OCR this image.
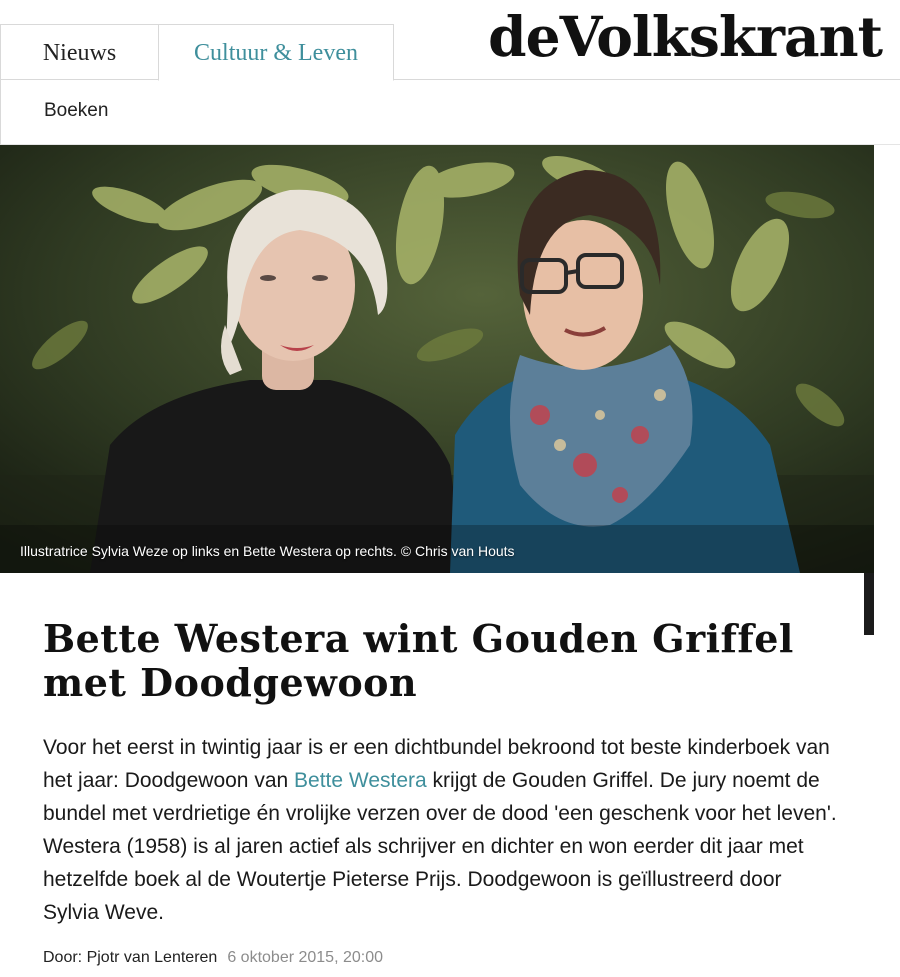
Nieuws	Cultuur & Leven	deVolkskrant
Boeken
Illustratrice Sylvia Weze op links en Bette Westera op rechts. © Chris van Houts
Bette Westera wint Gouden Griffel met Doodgewoon

Voor het eerst in twintig jaar is er een dichtbundel bekroond tot beste kinderboek van het jaar: Doodgewoon van Bette Westera krijgt de Gouden Griffel. De jury noemt de bundel met verdrietige én vrolijke verzen over de dood 'een geschenk voor het leven'. Westera (1958) is al jaren actief als schrijver en dichter en won eerder dit jaar met hetzelfde boek al de Woutertje Pieterse Prijs. Doodgewoon is geïllustreerd door Sylvia Weve.

Door: Pjotr van Lenteren 6 oktober 2015, 20:00
